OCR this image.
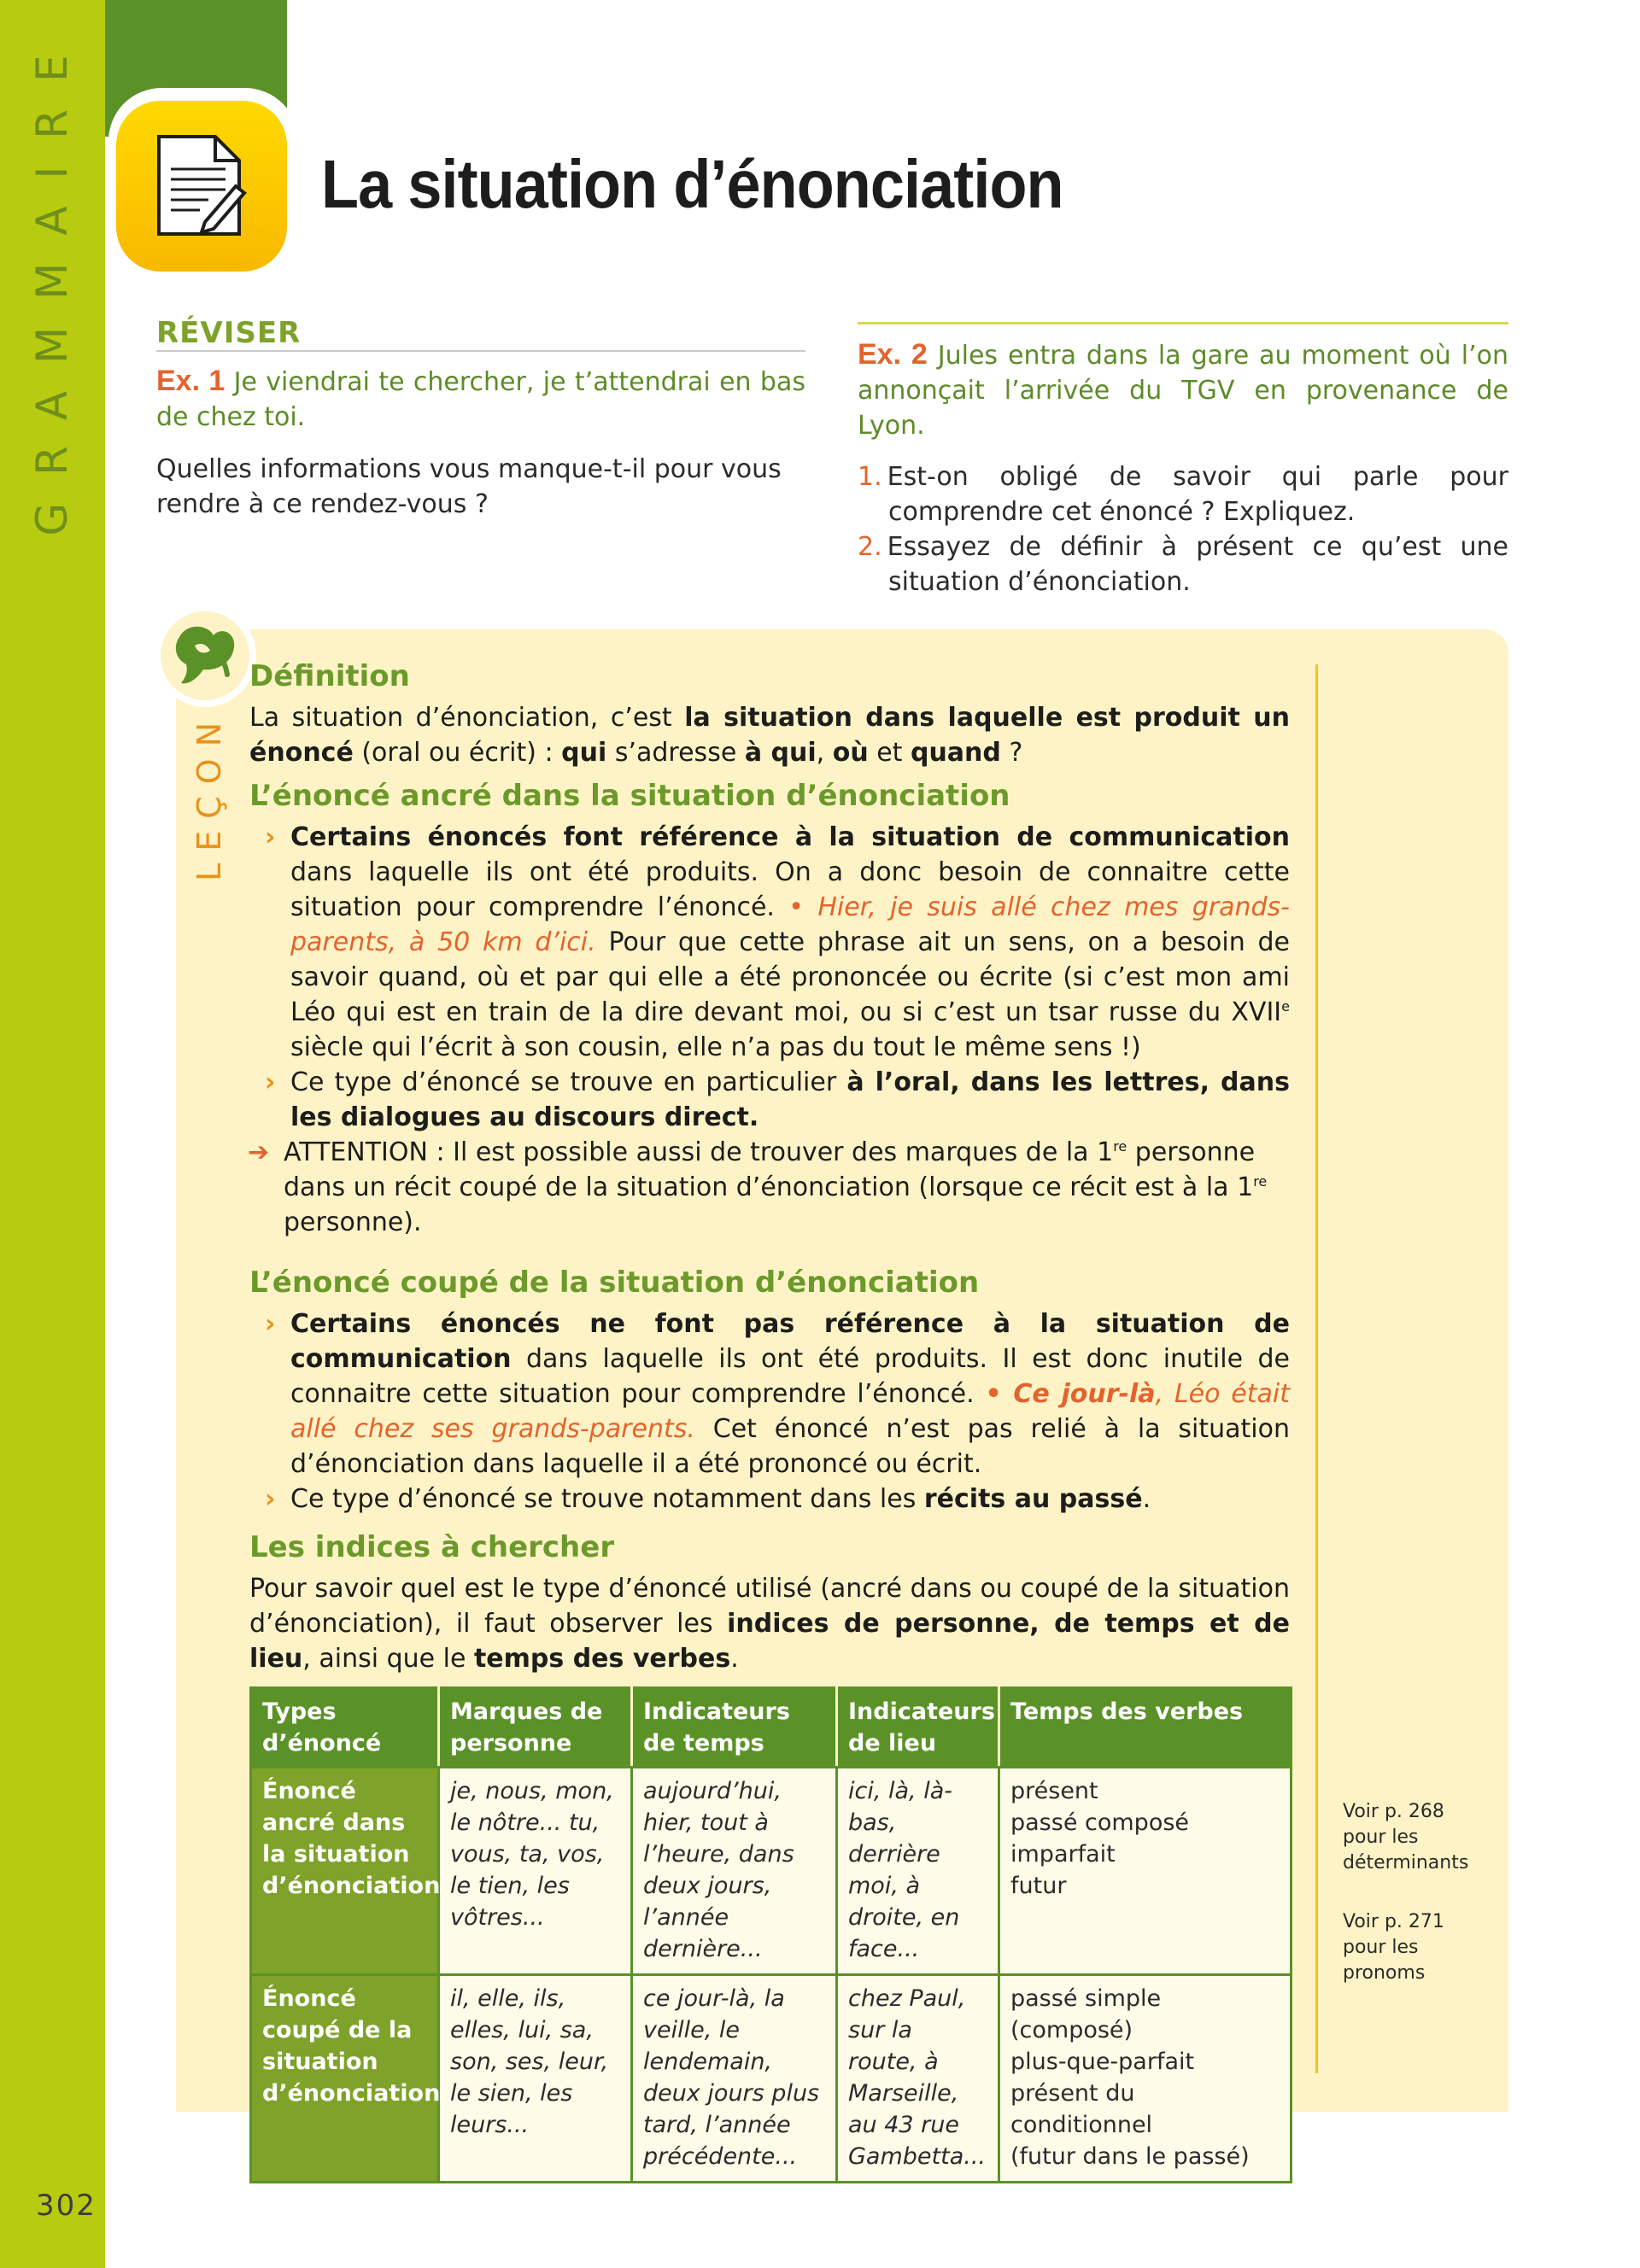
GRAMMAIRE
302
La situation d’énonciation
RÉVISER

Ex. 1 Je viendrai te chercher, je t’attendrai en bas de chez toi.

Quelles informations vous manque-t-il pour vous rendre à ce rendez-vous ?

Ex. 2 Jules entra dans la gare au moment où l’on annonçait l’arrivée du TGV en provenance de Lyon.

1. Est-on obligé de savoir qui parle pour comprendre cet énoncé ? Expliquez.
2. Essayez de définir à présent ce qu’est une situation d’énonciation.
LEÇON
Définition

La situation d’énonciation, c’est la situation dans laquelle est produit un énoncé (oral ou écrit) : qui s’adresse à qui, où et quand ?

L’énoncé ancré dans la situation d’énonciation
› Certains énoncés font référence à la situation de communication dans laquelle ils ont été produits. On a donc besoin de connaitre cette situation pour comprendre l’énoncé. • Hier, je suis allé chez mes grands-parents, à 50 km d’ici. Pour que cette phrase ait un sens, on a besoin de savoir quand, où et par qui elle a été prononcée ou écrite (si c’est mon ami Léo qui est en train de la dire devant moi, ou si c’est un tsar russe du XVIIe siècle qui l’écrit à son cousin, elle n’a pas du tout le même sens !)
› Ce type d’énoncé se trouve en particulier à l’oral, dans les lettres, dans les dialogues au discours direct.
➔ ATTENTION : Il est possible aussi de trouver des marques de la 1re personne dans un récit coupé de la situation d’énonciation (lorsque ce récit est à la 1re personne).
L’énoncé coupé de la situation d’énonciation
› Certains énoncés ne font pas référence à la situation de communication dans laquelle ils ont été produits. Il est donc inutile de connaitre cette situation pour comprendre l’énoncé. • Ce jour-là, Léo était allé chez ses grands-parents. Cet énoncé n’est pas relié à la situation d’énonciation dans laquelle il a été prononcé ou écrit.
› Ce type d’énoncé se trouve notamment dans les récits au passé.
Les indices à chercher

Pour savoir quel est le type d’énoncé utilisé (ancré dans ou coupé de la situation d’énonciation), il faut observer les indices de personne, de temps et de lieu, ainsi que le temps des verbes.

Types d’énoncé	Marques de personne	Indicateurs de temps	Indicateurs de lieu	Temps des verbes
Énoncé ancré dans la situation d’énonciation	je, nous, mon, le nôtre... tu, vous, ta, vos, le tien, les vôtres...	aujourd’hui, hier, tout à l’heure, dans deux jours, l’année dernière...	ici, là, là-bas, derrière moi, à droite, en face...	présent
passé composé
imparfait
futur

Énoncé coupé de la situation d’énonciation	il, elle, ils, elles, lui, sa, son, ses, leur, le sien, les leurs...	ce jour-là, la veille, le lendemain, deux jours plus tard, l’année précédente...	chez Paul, sur la route, à Marseille, au 43 rue Gambetta...	passé simple (composé)
plus-que-parfait
présent du conditionnel
(futur dans le passé)
Voir p. 268 pour les déterminants
Voir p. 271 pour les pronoms
